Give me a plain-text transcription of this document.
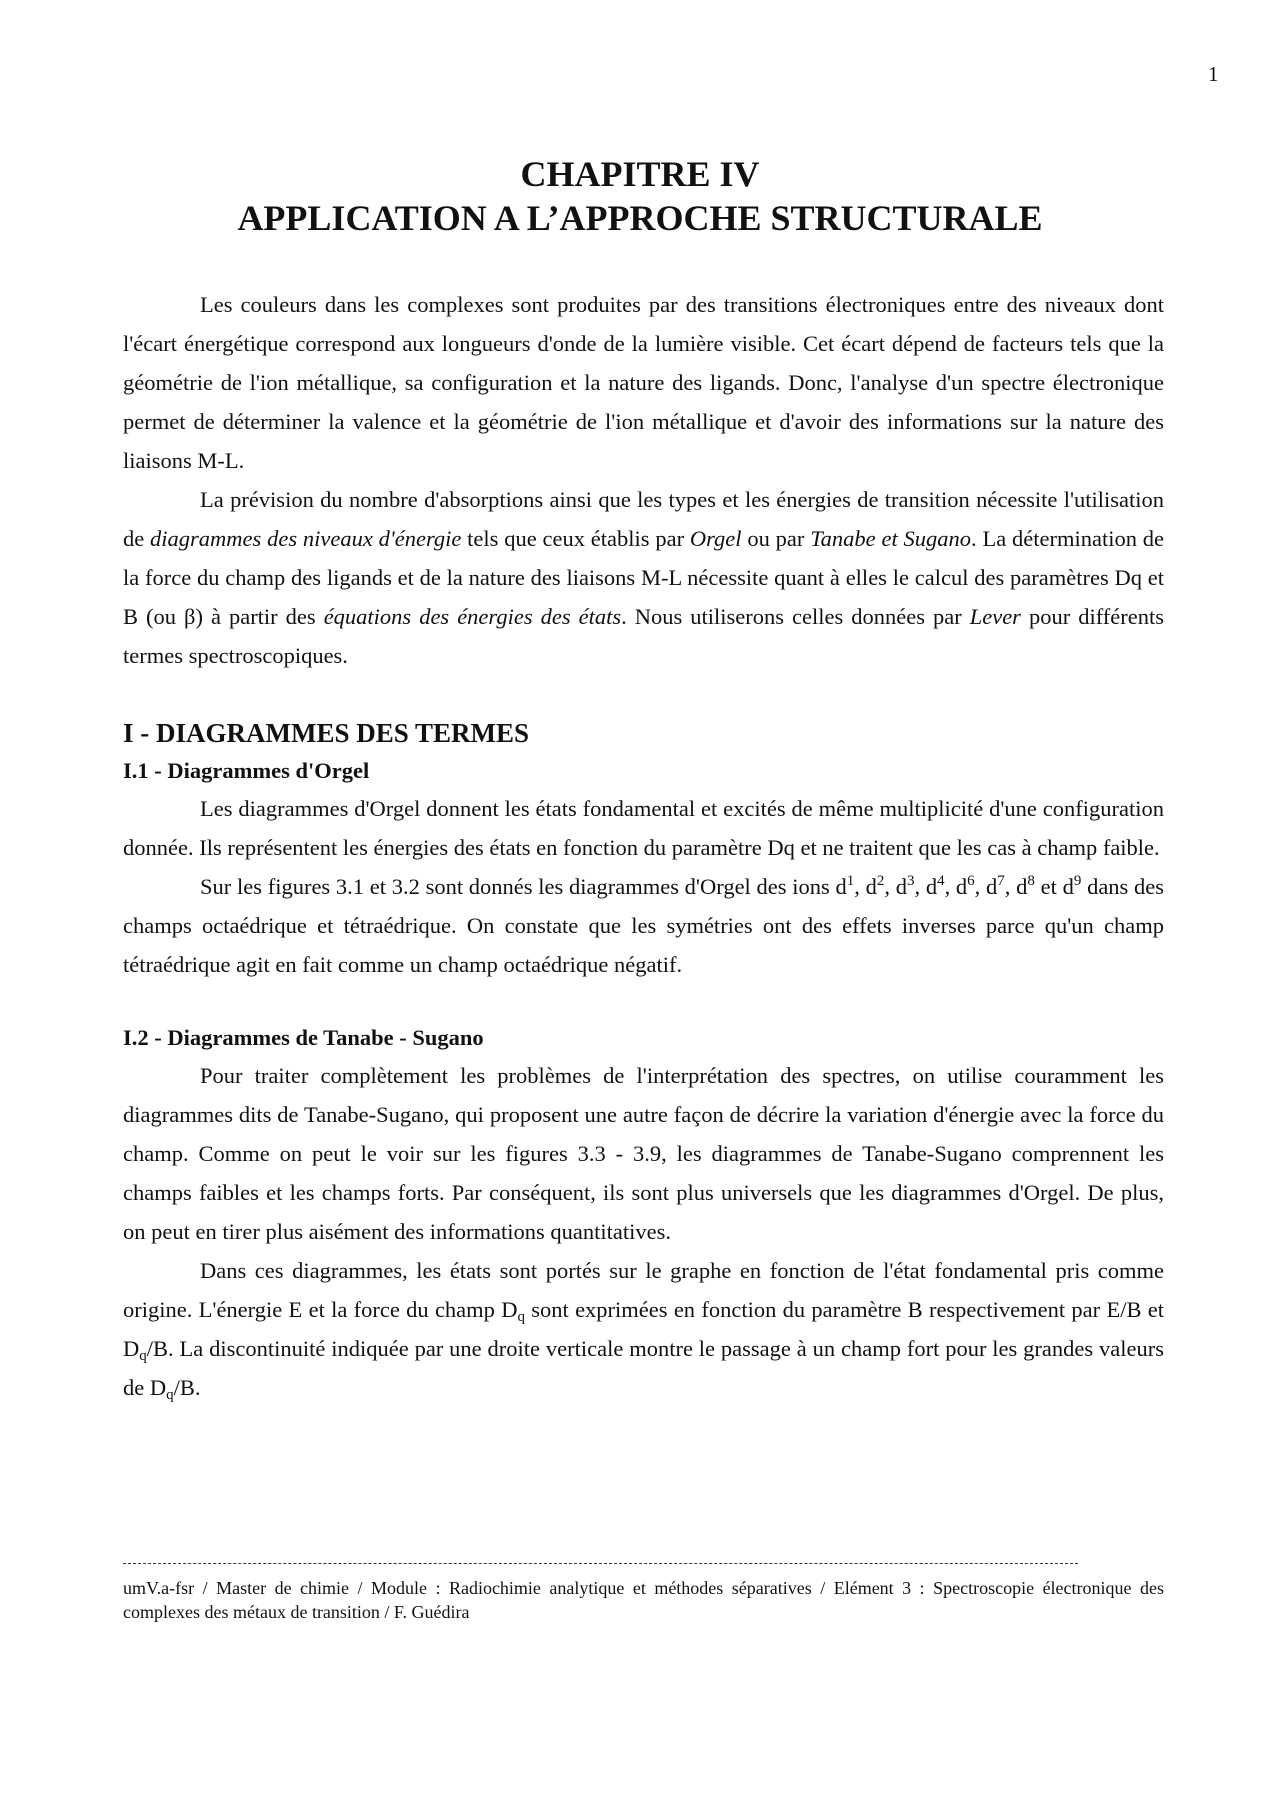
1
CHAPITRE IV
APPLICATION A L’APPROCHE STRUCTURALE

Les couleurs dans les complexes sont produites par des transitions électroniques entre des niveaux dont l'écart énergétique correspond aux longueurs d'onde de la lumière visible. Cet écart dépend de facteurs tels que la géométrie de l'ion métallique, sa configuration et la nature des ligands. Donc, l'analyse d'un spectre électronique permet de déterminer la valence et la géométrie de l'ion métallique et d'avoir des informations sur la nature des liaisons M-L.

La prévision du nombre d'absorptions ainsi que les types et les énergies de transition nécessite l'utilisation de diagrammes des niveaux d'énergie tels que ceux établis par Orgel ou par Tanabe et Sugano. La détermination de la force du champ des ligands et de la nature des liaisons M-L nécessite quant à elles le calcul des paramètres Dq et B (ou β) à partir des équations des énergies des états. Nous utiliserons celles données par Lever pour différents termes spectroscopiques.

I - DIAGRAMMES DES TERMES
I.1 - Diagrammes d'Orgel

Les diagrammes d'Orgel donnent les états fondamental et excités de même multiplicité d'une configuration donnée. Ils représentent les énergies des états en fonction du paramètre Dq et ne traitent que les cas à champ faible.

Sur les figures 3.1 et 3.2 sont donnés les diagrammes d'Orgel des ions $d^1$, $d^2$, $d^3$, $d^4$, $d^6$, $d^7$, $d^8$ et $d^9$ dans des champs octaédrique et tétraédrique. On constate que les symétries ont des effets inverses parce qu'un champ tétraédrique agit en fait comme un champ octaédrique négatif.

I.2 - Diagrammes de Tanabe - Sugano

Pour traiter complètement les problèmes de l'interprétation des spectres, on utilise couramment les diagrammes dits de Tanabe-Sugano, qui proposent une autre façon de décrire la variation d'énergie avec la force du champ. Comme on peut le voir sur les figures 3.3 - 3.9, les diagrammes de Tanabe-Sugano comprennent les champs faibles et les champs forts. Par conséquent, ils sont plus universels que les diagrammes d'Orgel. De plus, on peut en tirer plus aisément des informations quantitatives.

Dans ces diagrammes, les états sont portés sur le graphe en fonction de l'état fondamental pris comme origine. L'énergie E et la force du champ $D_q$ sont exprimées en fonction du paramètre B respectivement par E/B et $D_q/B$. La discontinuité indiquée par une droite verticale montre le passage à un champ fort pour les grandes valeurs de $D_q/B$.

umV.a-fsr / Master de chimie / Module : Radiochimie analytique et méthodes séparatives / Elément 3 : Spectroscopie électronique des complexes des métaux de transition / F. Guédira
